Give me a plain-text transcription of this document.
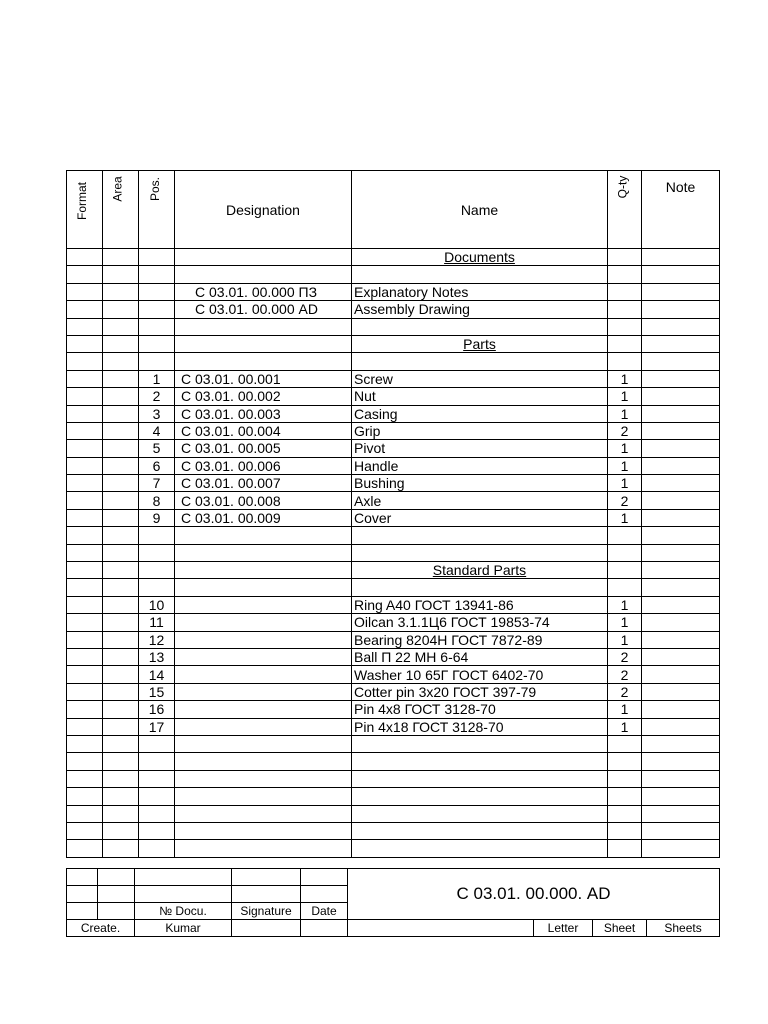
Format	Area	Pos.	Designation	Name	Q-ty	Note
				Documents		

			С 03.01. 00.000 ПЗ	Explanatory Notes		
			С 03.01. 00.000 AD	Assembly Drawing		

				Parts		

		1	С 03.01. 00.001	Screw	1	
		2	С 03.01. 00.002	Nut	1	
		3	С 03.01. 00.003	Casing	1	
		4	С 03.01. 00.004	Grip	2	
		5	С 03.01. 00.005	Pivot	1	
		6	С 03.01. 00.006	Handle	1	
		7	С 03.01. 00.007	Bushing	1	
		8	С 03.01. 00.008	Axle	2	
		9	С 03.01. 00.009	Cover	1	

				Standard Parts		

		10		Ring A40 ГОСТ 13941-86	1	
		11		Oilcan 3.1.1Ц6 ГОСТ 19853-74	1	
		12		Bearing 8204H ГОСТ 7872-89	1	
		13		Ball П 22 МН 6-64	2	
		14		Washer 10 65Г ГОСТ 6402-70	2	
		15		Cotter pin 3x20 ГОСТ 397-79	2	
		16		Pin 4x8 ГОСТ 3128-70	1	
		17		Pin 4x18 ГОСТ 3128-70	1	

					С 03.01. 00.000. AD			

		№ Docu.	Signature	Date				
Create.		Kumar				Letter	Sheet	Sheets
